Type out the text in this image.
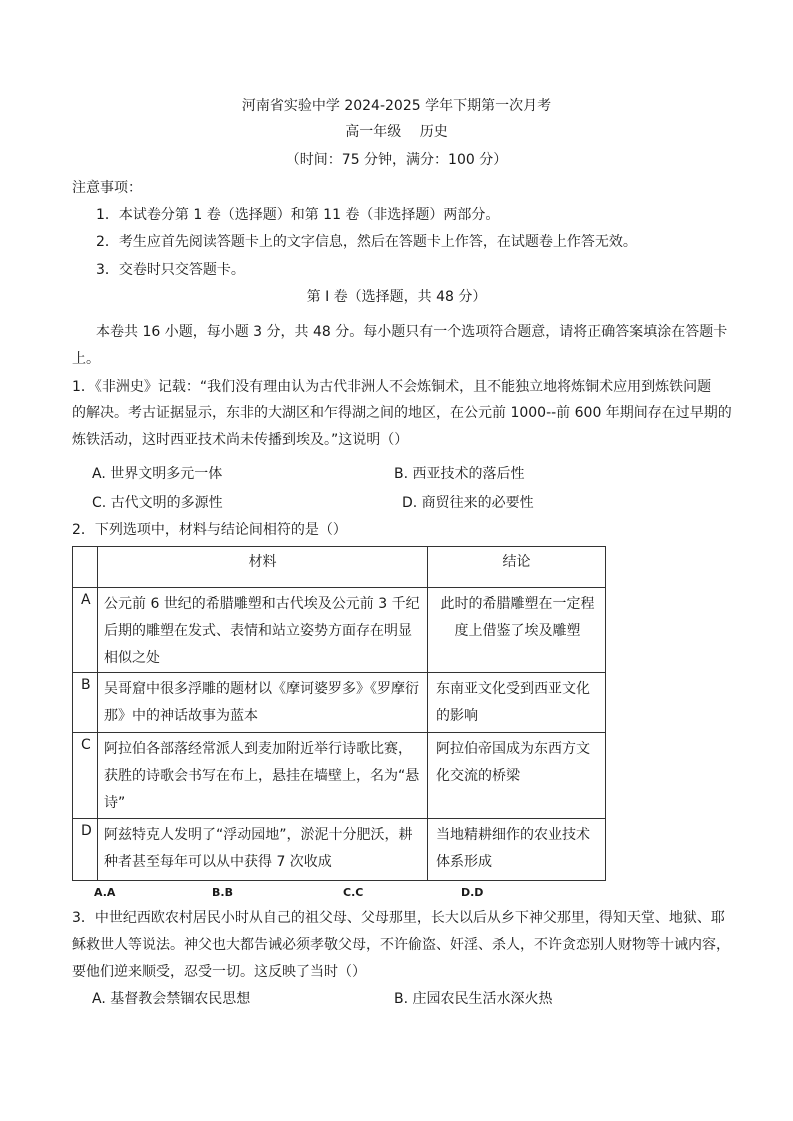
河南省实验中学 2024-2025 学年下期第一次月考
高一年级　 历史
（时间：75 分钟，满分：100 分）
注意事项：
1．本试卷分第 1 卷（选择题）和第 11 卷（非选择题）两部分。
2．考生应首先阅读答题卡上的文字信息，然后在答题卡上作答，在试题卷上作答无效。
3．交卷时只交答题卡。
第 I 卷（选择题，共 48 分）
本卷共 16 小题，每小题 3 分，共 48 分。每小题只有一个选项符合题意，请将正确答案填涂在答题卡
上。
1．《非洲史》记载：“我们没有理由认为古代非洲人不会炼铜术，且不能独立地将炼铜术应用到炼铁问题
的解决。考古证据显示，东非的大湖区和乍得湖之间的地区，在公元前 1000--前 600 年期间存在过早期的
炼铁活动，这时西亚技术尚未传播到埃及。”这说明（）
A. 世界文明多元一体	B. 西亚技术的落后性
C. 古代文明的多源性	D. 商贸往来的必要性
2．下列选项中，材料与结论间相符的是（）
	材料	结论
A	公元前 6 世纪的希腊雕塑和古代埃及公元前 3 千纪后期的雕塑在发式、表情和站立姿势方面存在明显相似之处	此时的希腊雕塑在一定程度上借鉴了埃及雕塑
B	吴哥窟中很多浮雕的题材以《摩诃婆罗多》《罗摩衍那》中的神话故事为蓝本	东南亚文化受到西亚文化的影响
C	阿拉伯各部落经常派人到麦加附近举行诗歌比赛，获胜的诗歌会书写在布上，悬挂在墙壁上，名为“悬诗”	阿拉伯帝国成为东西方文化交流的桥梁
D	阿兹特克人发明了“浮动园地”，淤泥十分肥沃，耕种者甚至每年可以从中获得 7 次收成	当地精耕细作的农业技术体系形成
A.A	B.B	C.C	D.D
3．中世纪西欧农村居民小时从自己的祖父母、父母那里，长大以后从乡下神父那里，得知天堂、地狱、耶
稣救世人等说法。神父也大都告诫必须孝敬父母，不许偷盗、奸淫、杀人，不许贪恋别人财物等十诫内容，
要他们逆来顺受，忍受一切。这反映了当时（）
A. 基督教会禁锢农民思想	B. 庄园农民生活水深火热
